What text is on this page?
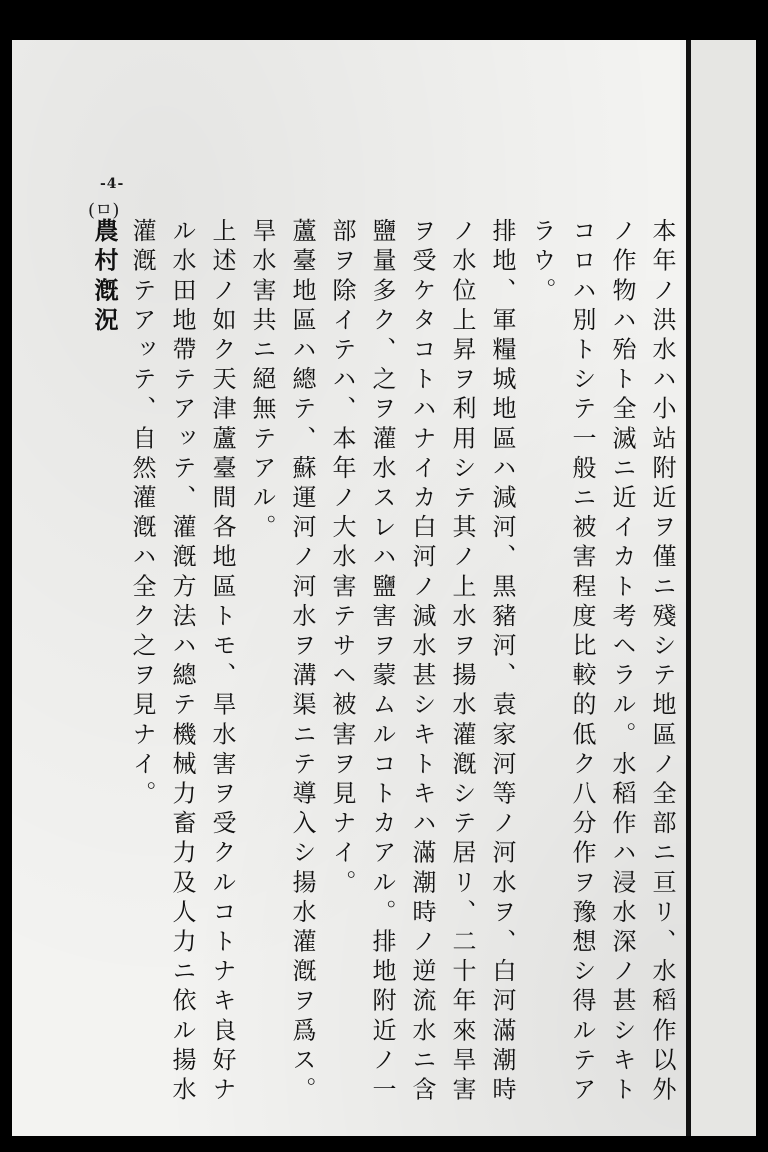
-4-
(ㅁ)
農村漑況	本年ノ洪水ハ小站附近ヲ僅ニ殘シテ地區ノ全部ニ亘リ、水稻作以外
ノ作物ハ殆ト全滅ニ近イカト考ヘラル。水稻作ハ浸水深ノ甚シキト
コロハ別トシテ一般ニ被害程度比較的低ク八分作ヲ豫想シ得ルテア
ラウ。
排地、軍糧城地區ハ減河、黒豬河、袁家河等ノ河水ヲ、白河滿潮時
ノ水位上昇ヲ利用シテ其ノ上水ヲ揚水灌漑シテ居リ、二十年來旱害
ヲ受ケタコトハナイカ白河ノ減水甚シキトキハ滿潮時ノ逆流水ニ含
鹽量多ク、之ヲ灌水スレハ鹽害ヲ蒙ムルコトカアル。排地附近ノ一
部ヲ除イテハ、本年ノ大水害テサヘ被害ヲ見ナイ。
蘆臺地區ハ總テ、蘇運河ノ河水ヲ溝渠ニテ導入シ揚水灌漑ヲ爲ス。
旱水害共ニ絕無テアル。
上述ノ如ク天津蘆臺間各地區トモ、旱水害ヲ受クルコトナキ良好ナ
ル水田地帶テアッテ、灌漑方法ハ總テ機械力畜力及人力ニ依ル揚水
灌漑テアッテ、自然灌漑ハ全ク之ヲ見ナイ。
